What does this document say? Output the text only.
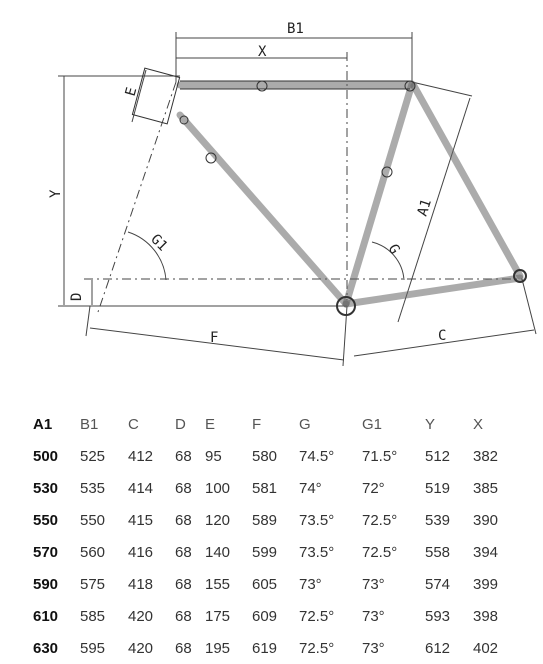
B1
X
E
Y
G1	G
A1
D
F	C
A1	B1	C	D	E	F	G	G1	Y	X
500	525	412	68	95	580	74.5°	71.5°	512	382
530	535	414	68	100	581	74°	72°	519	385
550	550	415	68	120	589	73.5°	72.5°	539	390
570	560	416	68	140	599	73.5°	72.5°	558	394
590	575	418	68	155	605	73°	73°	574	399
610	585	420	68	175	609	72.5°	73°	593	398
630	595	420	68	195	619	72.5°	73°	612	402
